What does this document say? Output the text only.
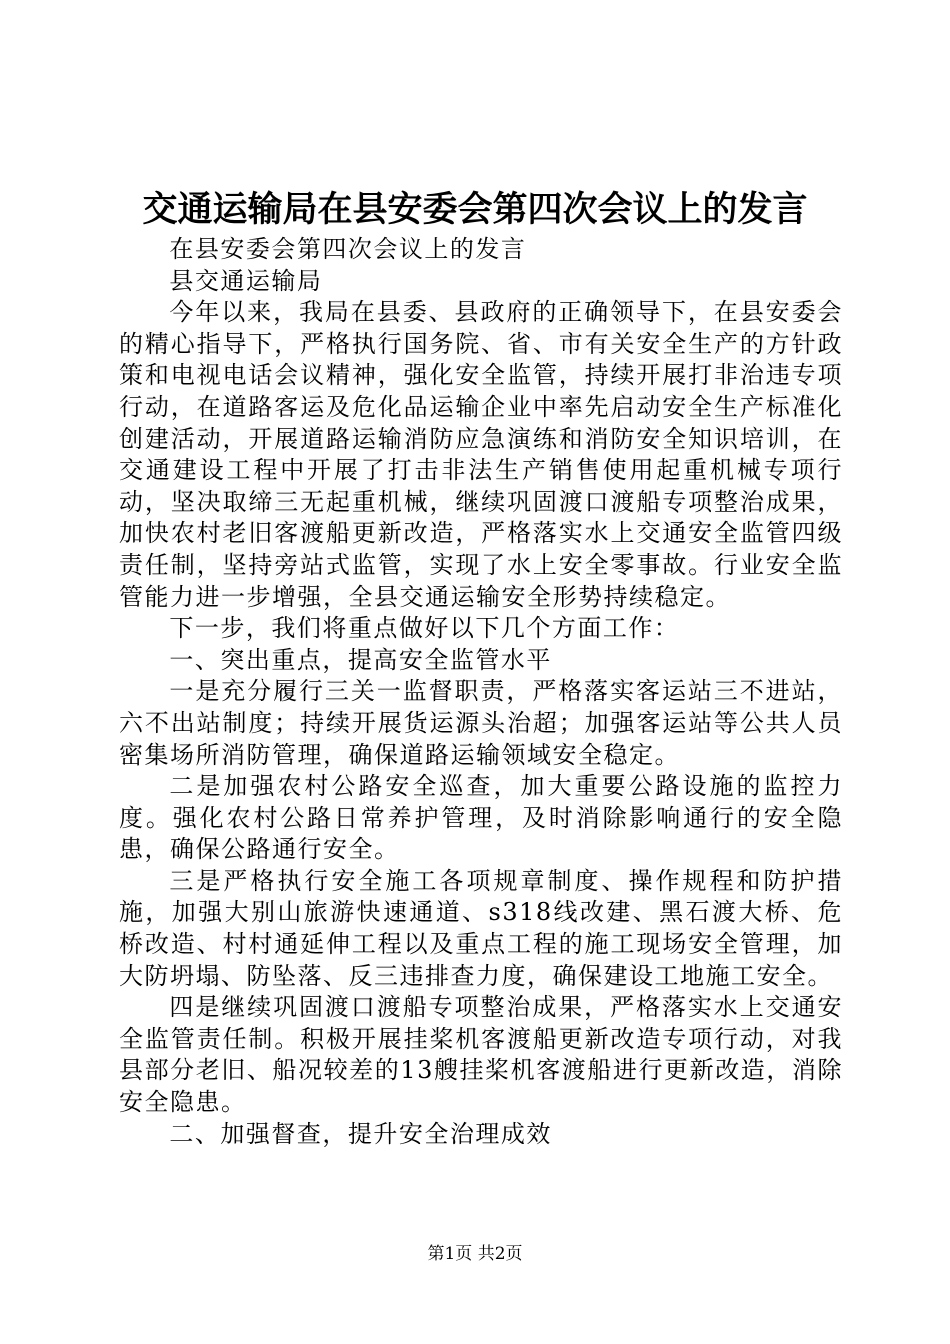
交通运输局在县安委会第四次会议上的发言

在县安委会第四次会议上的发言

县交通运输局

今年以来，我局在县委、县政府的正确领导下，在县安委会的精心指导下，严格执行国务院、省、市有关安全生产的方针政策和电视电话会议精神，强化安全监管，持续开展打非治违专项行动，在道路客运及危化品运输企业中率先启动安全生产标准化创建活动，开展道路运输消防应急演练和消防安全知识培训，在交通建设工程中开展了打击非法生产销售使用起重机械专项行动，坚决取缔三无起重机械，继续巩固渡口渡船专项整治成果，加快农村老旧客渡船更新改造，严格落实水上交通安全监管四级责任制，坚持旁站式监管，实现了水上安全零事故。行业安全监管能力进一步增强，全县交通运输安全形势持续稳定。

下一步，我们将重点做好以下几个方面工作：

一、突出重点，提高安全监管水平

一是充分履行三关一监督职责，严格落实客运站三不进站，六不出站制度；持续开展货运源头治超；加强客运站等公共人员密集场所消防管理，确保道路运输领域安全稳定。

二是加强农村公路安全巡查，加大重要公路设施的监控力度。强化农村公路日常养护管理，及时消除影响通行的安全隐患，确保公路通行安全。

三是严格执行安全施工各项规章制度、操作规程和防护措施，加强大别山旅游快速通道、s318线改建、黑石渡大桥、危桥改造、村村通延伸工程以及重点工程的施工现场安全管理，加大防坍塌、防坠落、反三违排查力度，确保建设工地施工安全。

四是继续巩固渡口渡船专项整治成果，严格落实水上交通安全监管责任制。积极开展挂桨机客渡船更新改造专项行动，对我县部分老旧、船况较差的13艘挂桨机客渡船进行更新改造，消除安全隐患。

二、加强督查，提升安全治理成效

第1页 共2页
